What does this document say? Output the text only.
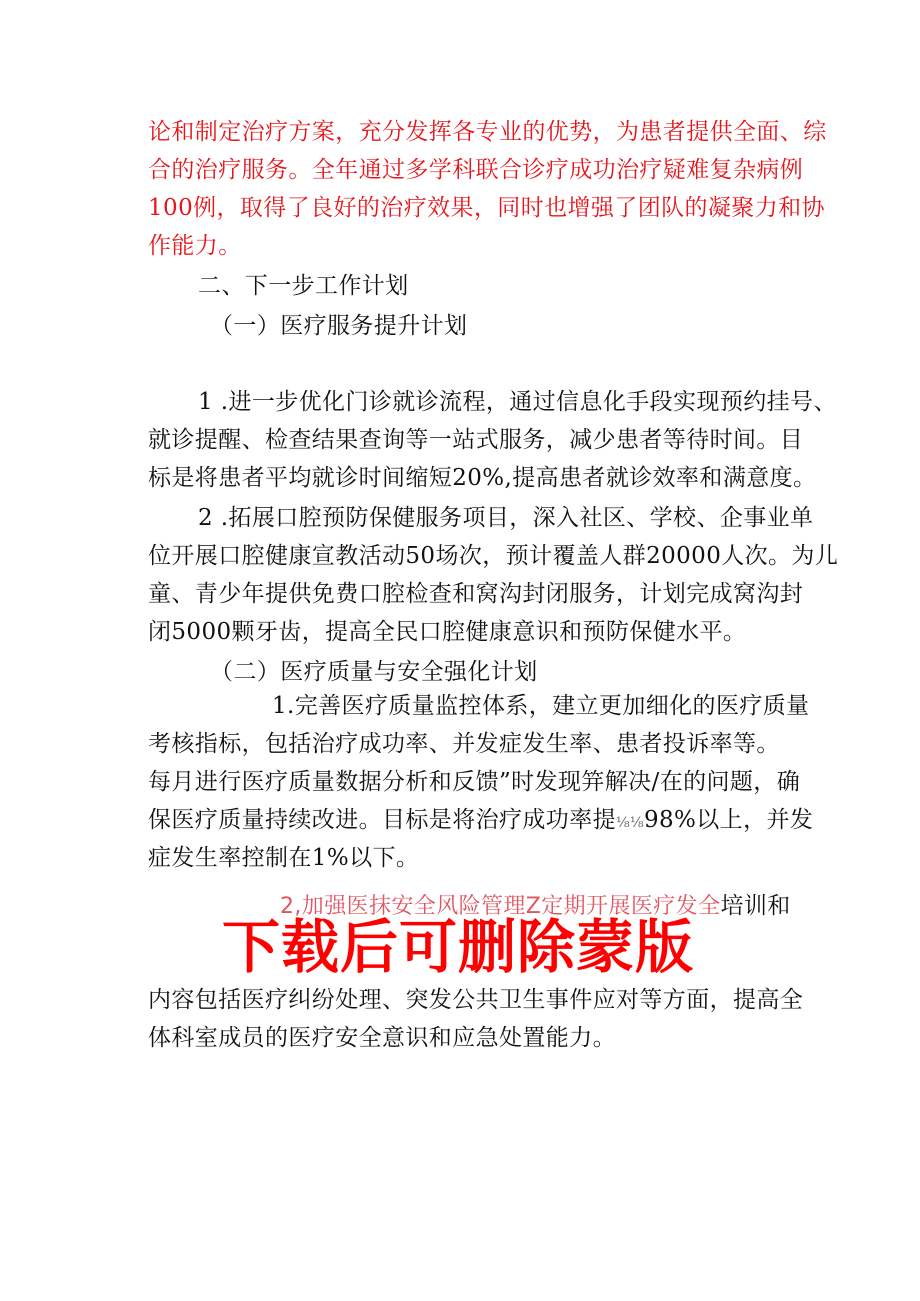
论和制定治疗方案，充分发挥各专业的优势，为患者提供全面、综
合的治疗服务。全年通过多学科联合诊疗成功治疗疑难复杂病例
100例，取得了良好的治疗效果，同时也增强了团队的凝聚力和协
作能力。
二、下一步工作计划
（一）医疗服务提升计划
1 .进一步优化门诊就诊流程，通过信息化手段实现预约挂号、
就诊提醒、检查结果查询等一站式服务，减少患者等待时间。目
标是将患者平均就诊时间缩短20%,提高患者就诊效率和满意度。
2 .拓展口腔预防保健服务项目，深入社区、学校、企事业单
位开展口腔健康宣教活动50场次，预计覆盖人群20000人次。为儿
童、青少年提供免费口腔检查和窝沟封闭服务，计划完成窝沟封
闭5000颗牙齿，提高全民口腔健康意识和预防保健水平。
（二）医疗质量与安全强化计划
1.完善医疗质量监控体系，建立更加细化的医疗质量
考核指标，包括治疗成功率、并发症发生率、患者投诉率等。
每月进行医疗质量数据分析和反馈”时发现笄解决/在的问题，确
保医疗质量持续改进。目标是将治疗成功率提⅛⅛98%以上，并发
症发生率控制在1%以下。
2,加强医抹安全风险管理Z定期开展医疗发全培训和
下载后可删除蒙版
内容包括医疗纠纷处理、突发公共卫生事件应对等方面，提高全
体科室成员的医疗安全意识和应急处置能力。
